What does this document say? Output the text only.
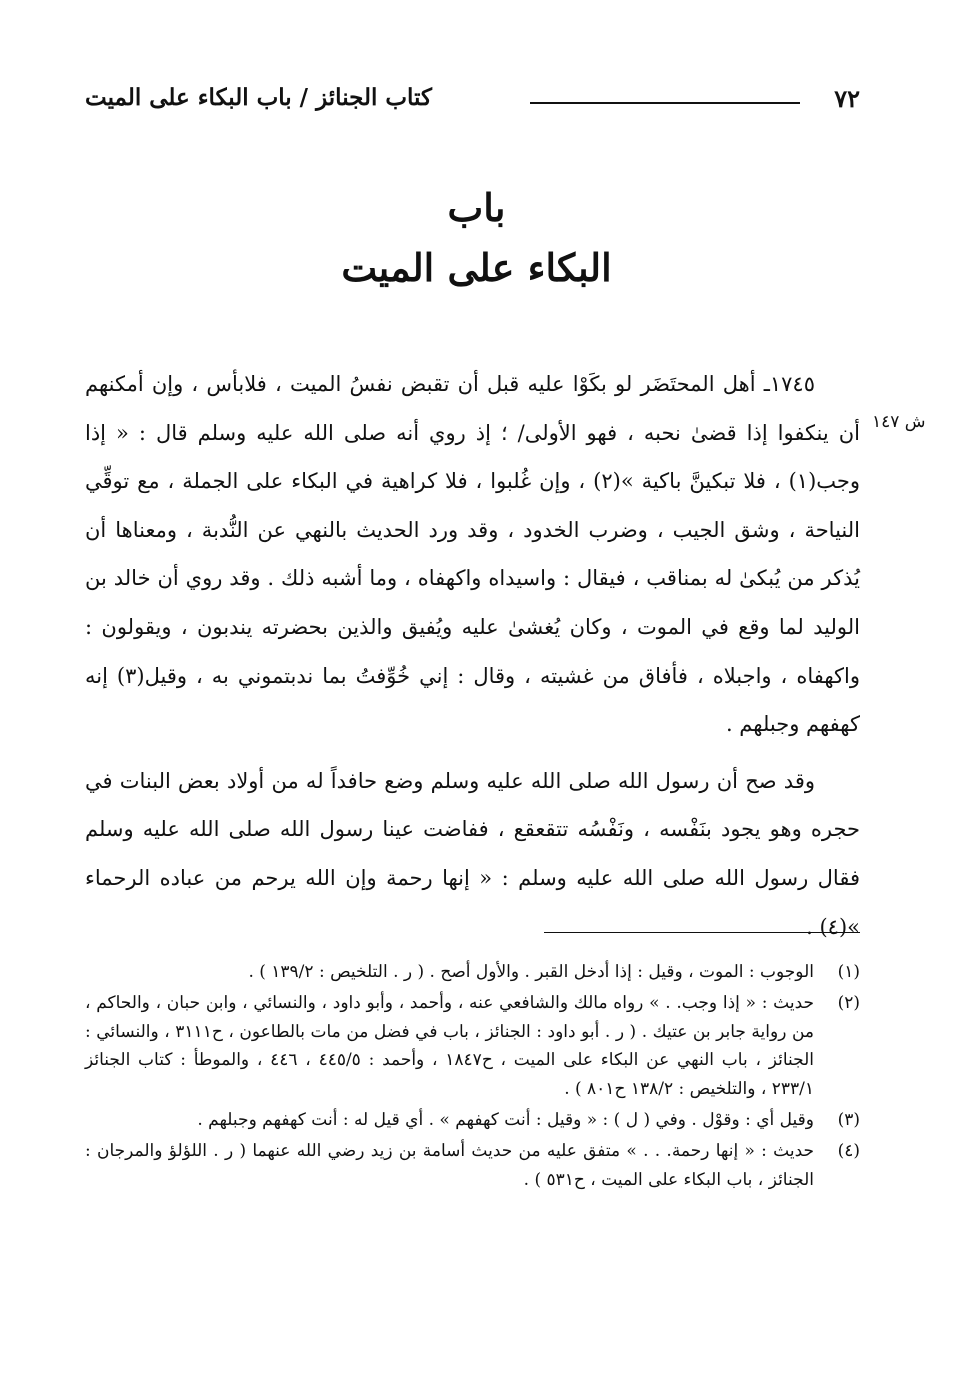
٧٢
كتاب الجنائز / باب البكاء على الميت
باب
البكاء على الميت
ش ١٤٧

١٧٤٥ـ أهل المحتَضَر لو بكَوْا عليه قبل أن تقبض نفسُ الميت ، فلابأس ، وإن أمكنهم أن ينكفوا إذا قضىٰ نحبه ، فهو الأولى/ ؛ إذ روي أنه صلى الله عليه وسلم قال : « إذا وجب(١) ، فلا تبكينَّ باكية »(٢) ، وإن غُلبوا ، فلا كراهية في البكاء على الجملة ، مع توقِّي النياحة ، وشق الجيب ، وضرب الخدود ، وقد ورد الحديث بالنهي عن النُّدبة ، ومعناها أن يُذكر من يُبكىٰ له بمناقب ، فيقال : واسيداه واكهفاه ، وما أشبه ذلك . وقد روي أن خالد بن الوليد لما وقع في الموت ، وكان يُغشىٰ عليه ويُفيق والذين بحضرته يندبون ، ويقولون : واكهفاه ، واجبلاه ، فأفاق من غشيته ، وقال : إني خُوِّفتُ بما ندبتموني به ، وقيل(٣) إنه كهفهم وجبلهم .

وقد صح أن رسول الله صلى الله عليه وسلم وضع حافداً له من أولاد بعض البنات في حجره وهو يجود بنَفْسه ، ونَفْسُه تتقعقع ، ففاضت عينا رسول الله صلى الله عليه وسلم فقال رسول الله صلى الله عليه وسلم : « إنها رحمة وإن الله يرحم من عباده الرحماء »(٤) .

(١)
الوجوب : الموت ، وقيل : إذا أدخل القبر . والأول أصح . ( ر . التلخيص : ١٣٩/٢ ) .
(٢)
حديث : « إذا وجب. . » رواه مالك والشافعي عنه ، وأحمد ، وأبو داود ، والنسائي ، وابن حبان ، والحاكم ، من رواية جابر بن عتيك . ( ر . أبو داود : الجنائز ، باب في فضل من مات بالطاعون ، ح٣١١١ ، والنسائي : الجنائز ، باب النهي عن البكاء على الميت ، ح١٨٤٧ ، وأحمد : ٤٤٥/٥ ، ٤٤٦ ، والموطأ : كتاب الجنائز ٢٣٣/١ ، والتلخيص : ١٣٨/٢ ح٨٠١ ) .
(٣)
وقيل أي : وقوْل . وفي ( ل ) : « وقيل : أنت كهفهم » . أي قيل له : أنت كهفهم وجبلهم .
(٤)
حديث : « إنها رحمة. . . » متفق عليه من حديث أسامة بن زيد رضي الله عنهما ( ر . اللؤلؤ والمرجان : الجنائز ، باب البكاء على الميت ، ح٥٣١ ) .
